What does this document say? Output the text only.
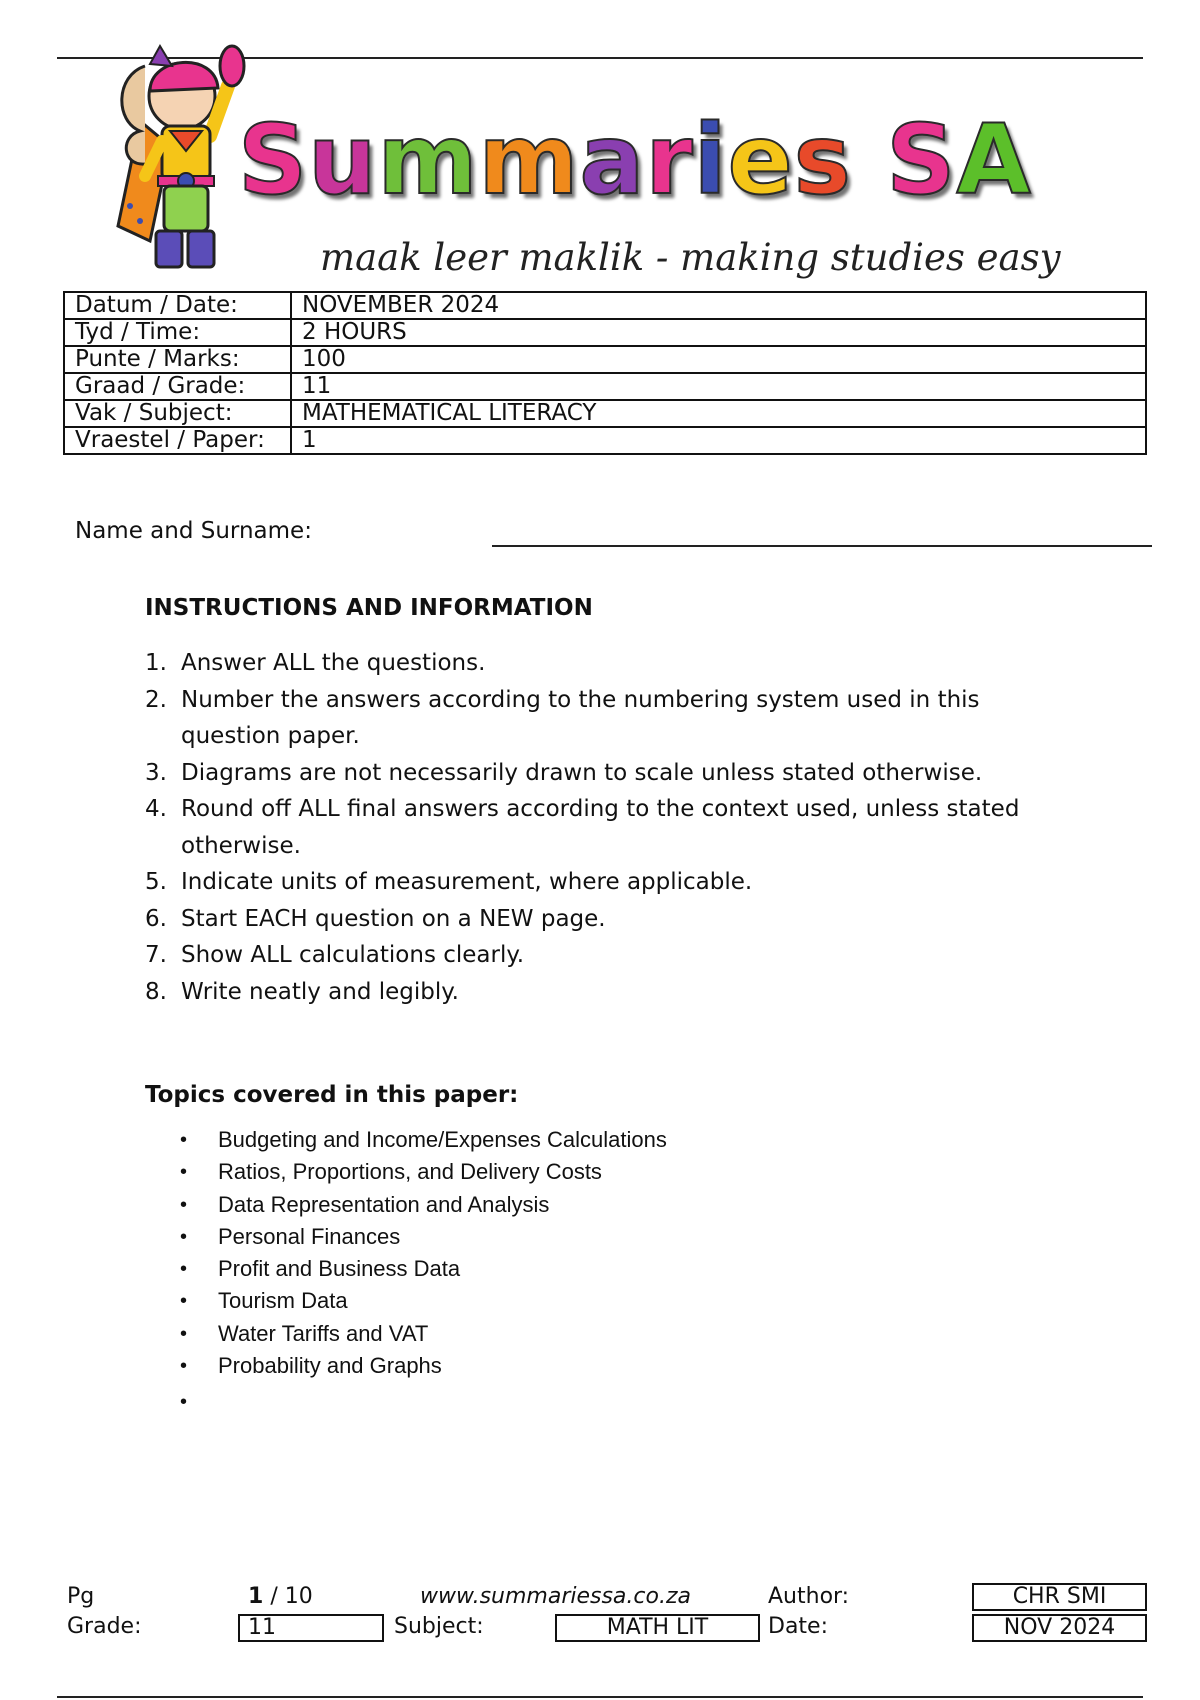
Summaries SA
maak leer maklik - making studies easy
Datum / Date:	NOVEMBER 2024
Tyd / Time:	2 HOURS
Punte / Marks:	100
Graad / Grade:	11
Vak / Subject:	MATHEMATICAL LITERACY
Vraestel / Paper:	1
Name and Surname:
INSTRUCTIONS AND INFORMATION
1. Answer ALL the questions.
2. Number the answers according to the numbering system used in this question paper.
3. Diagrams are not necessarily drawn to scale unless stated otherwise.
4. Round off ALL final answers according to the context used, unless stated otherwise.
5. Indicate units of measurement, where applicable.
6. Start EACH question on a NEW page.
7. Show ALL calculations clearly.
8. Write neatly and legibly.
Topics covered in this paper:
•	Budgeting and Income/Expenses Calculations
•	Ratios, Proportions, and Delivery Costs
•	Data Representation and Analysis
•	Personal Finances
•	Profit and Business Data
•	Tourism Data
•	Water Tariffs and VAT
•	Probability and Graphs
•
Pg	1 / 10	www.summariessa.co.za	Author:	CHR SMI
Grade:	11	Subject:	MATH LIT	Date:	NOV 2024
